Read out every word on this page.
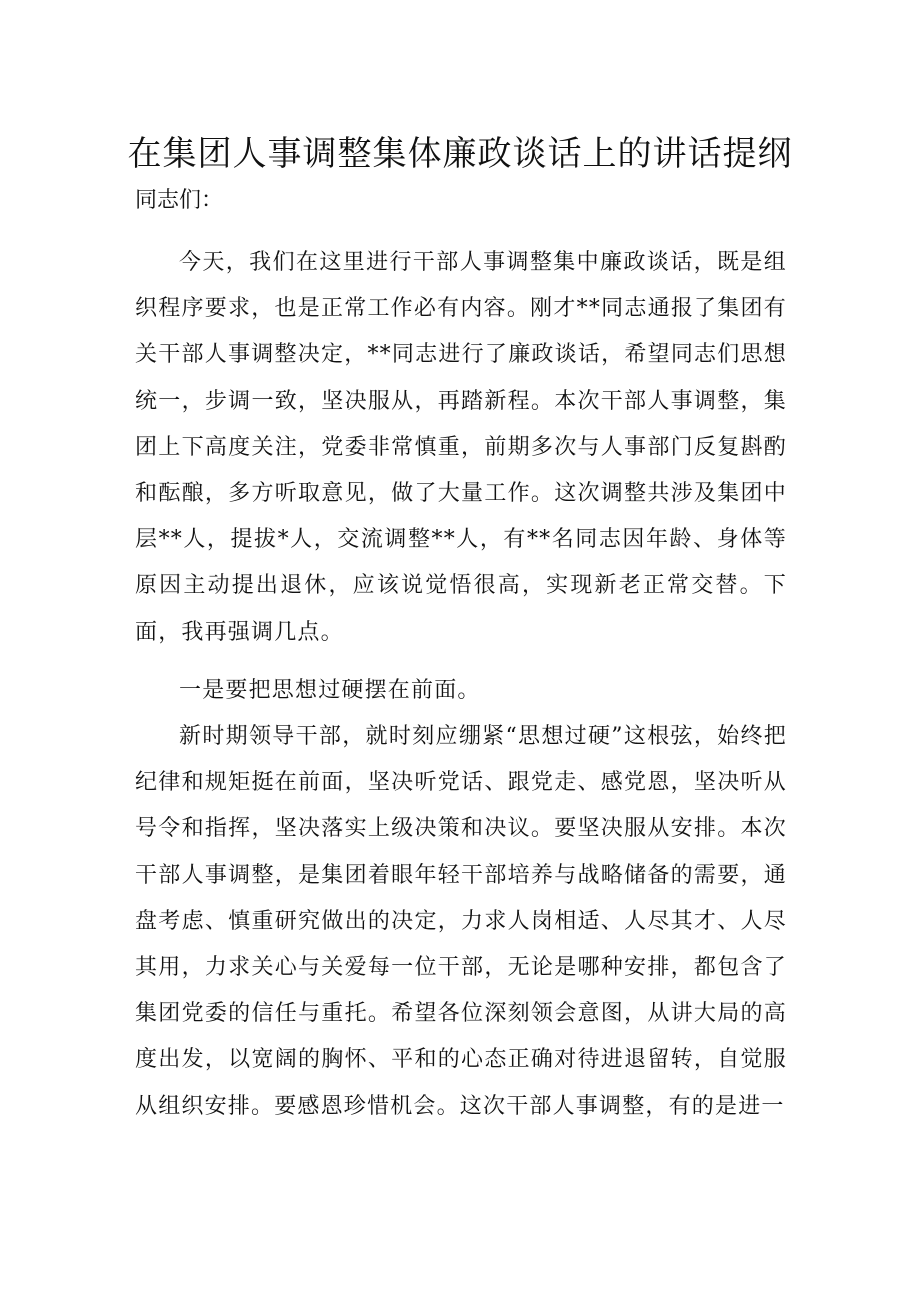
在集团人事调整集体廉政谈话上的讲话提纲

同志们：

今天，我们在这里进行干部人事调整集中廉政谈话，既是组织程序要求，也是正常工作必有内容。刚才**同志通报了集团有关干部人事调整决定，**同志进行了廉政谈话，希望同志们思想统一，步调一致，坚决服从，再踏新程。本次干部人事调整，集团上下高度关注，党委非常慎重，前期多次与人事部门反复斟酌和酝酿，多方听取意见，做了大量工作。这次调整共涉及集团中层**人，提拔*人，交流调整**人，有**名同志因年龄、身体等原因主动提出退休，应该说觉悟很高，实现新老正常交替。下面，我再强调几点。

一是要把思想过硬摆在前面。

新时期领导干部，就时刻应绷紧“思想过硬”这根弦，始终把纪律和规矩挺在前面，坚决听党话、跟党走、感党恩，坚决听从号令和指挥，坚决落实上级决策和决议。要坚决服从安排。本次干部人事调整，是集团着眼年轻干部培养与战略储备的需要，通盘考虑、慎重研究做出的决定，力求人岗相适、人尽其才、人尽其用，力求关心与关爱每一位干部，无论是哪种安排，都包含了集团党委的信任与重托。希望各位深刻领会意图，从讲大局的高度出发，以宽阔的胸怀、平和的心态正确对待进退留转，自觉服从组织安排。要感恩珍惜机会。这次干部人事调整，有的是进一
